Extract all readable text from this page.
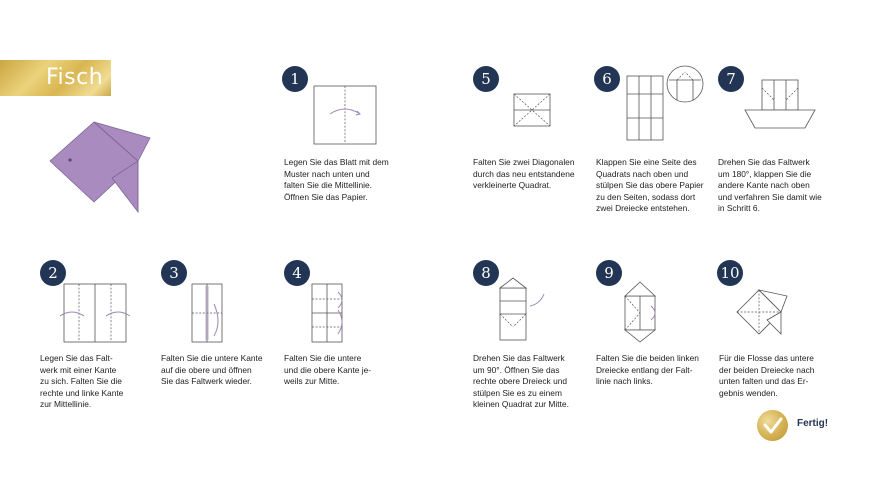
Fisch	1
Legen Sie das Blatt mit dem
Muster nach unten und
falten Sie die Mittellinie.
Öffnen Sie das Papier.
5
Falten Sie zwei Diagonalen
durch das neu entstandene
verkleinerte Quadrat.
6
Klappen Sie eine Seite des
Quadrats nach oben und
stülpen Sie das obere Papier
zu den Seiten, sodass dort
zwei Dreiecke entstehen.
7
Drehen Sie das Faltwerk
um 180°, klappen Sie die
andere Kante nach oben
und verfahren Sie damit wie
in Schritt 6.
2
Legen Sie das Falt-
werk mit einer Kante
zu sich. Falten Sie die
rechte und linke Kante
zur Mittellinie.
3
Falten Sie die untere Kante
auf die obere und öffnen
Sie das Faltwerk wieder.
4
Falten Sie die untere
und die obere Kante je-
weils zur Mitte.
8
Drehen Sie das Faltwerk
um 90°. Öffnen Sie das
rechte obere Dreieck und
stülpen Sie es zu einem
kleinen Quadrat zur Mitte.
9
Falten Sie die beiden linken
Dreiecke entlang der Falt-
linie nach links.
10
Für die Flosse das untere
der beiden Dreiecke nach
unten falten und das Er-
gebnis wenden.
Fertig!
